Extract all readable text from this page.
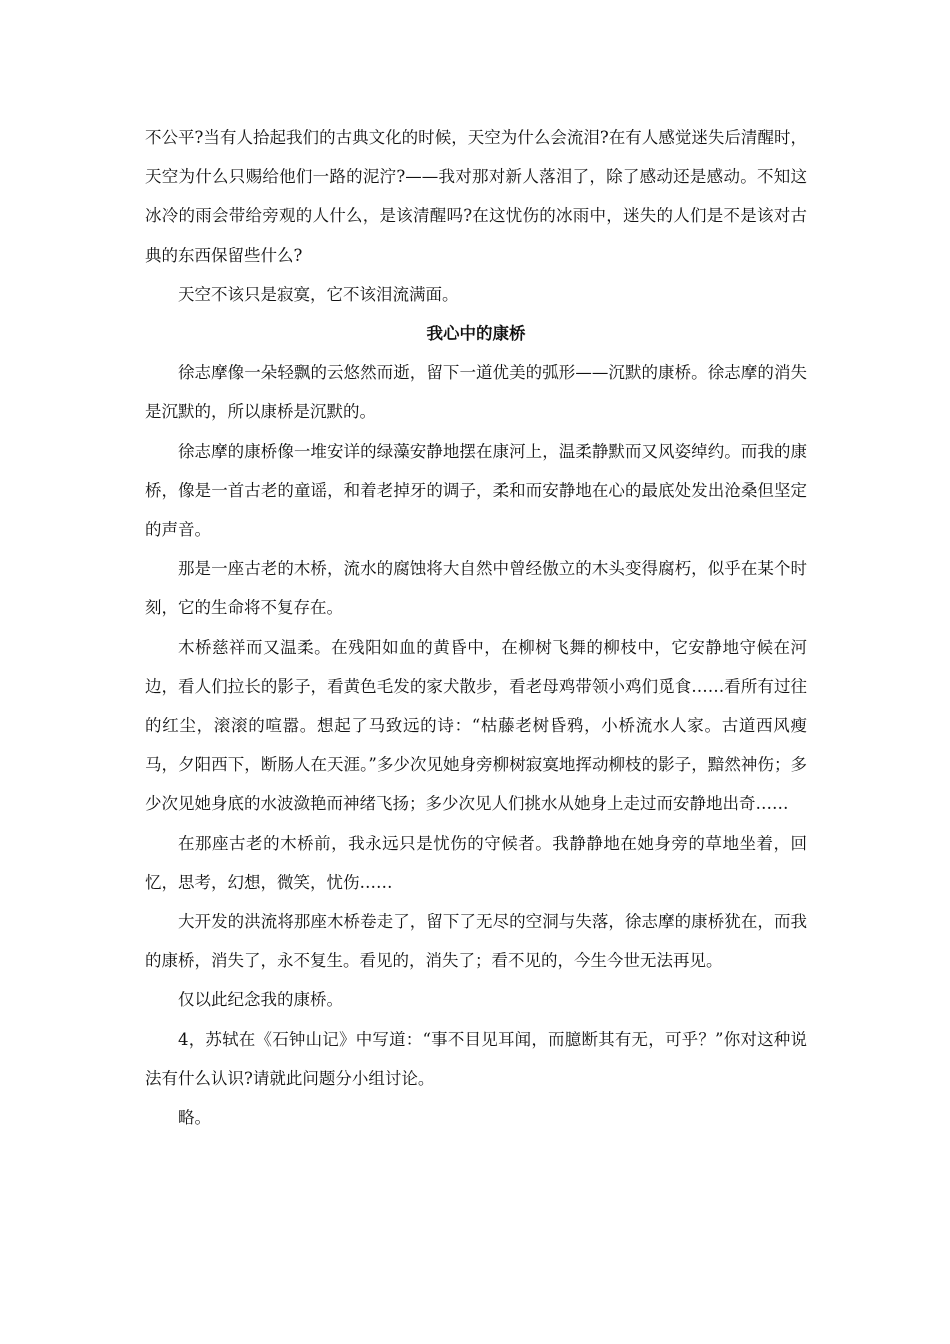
不公平?当有人拾起我们的古典文化的时候，天空为什么会流泪?在有人感觉迷失后清醒时，天空为什么只赐给他们一路的泥泞?——我对那对新人落泪了，除了感动还是感动。不知这冰冷的雨会带给旁观的人什么，是该清醒吗?在这忧伤的冰雨中，迷失的人们是不是该对古典的东西保留些什么?

天空不该只是寂寞，它不该泪流满面。

我心中的康桥

徐志摩像一朵轻飘的云悠然而逝，留下一道优美的弧形——沉默的康桥。徐志摩的消失是沉默的，所以康桥是沉默的。

徐志摩的康桥像一堆安详的绿藻安静地摆在康河上，温柔静默而又风姿绰约。而我的康桥，像是一首古老的童谣，和着老掉牙的调子，柔和而安静地在心的最底处发出沧桑但坚定的声音。

那是一座古老的木桥，流水的腐蚀将大自然中曾经傲立的木头变得腐朽，似乎在某个时刻，它的生命将不复存在。

木桥慈祥而又温柔。在残阳如血的黄昏中，在柳树飞舞的柳枝中，它安静地守候在河边，看人们拉长的影子，看黄色毛发的家犬散步，看老母鸡带领小鸡们觅食……看所有过往的红尘，滚滚的喧嚣。想起了马致远的诗：“枯藤老树昏鸦，小桥流水人家。古道西风瘦马，夕阳西下，断肠人在天涯。”多少次见她身旁柳树寂寞地挥动柳枝的影子，黯然神伤；多少次见她身底的水波潋艳而神绪飞扬；多少次见人们挑水从她身上走过而安静地出奇……

在那座古老的木桥前，我永远只是忧伤的守候者。我静静地在她身旁的草地坐着，回忆，思考，幻想，微笑，忧伤……

大开发的洪流将那座木桥卷走了，留下了无尽的空洞与失落，徐志摩的康桥犹在，而我的康桥，消失了，永不复生。看见的，消失了；看不见的，今生今世无法再见。

仅以此纪念我的康桥。

4，苏轼在《石钟山记》中写道：“事不目见耳闻，而臆断其有无，可乎？”你对这种说法有什么认识?请就此问题分小组讨论。

略。
